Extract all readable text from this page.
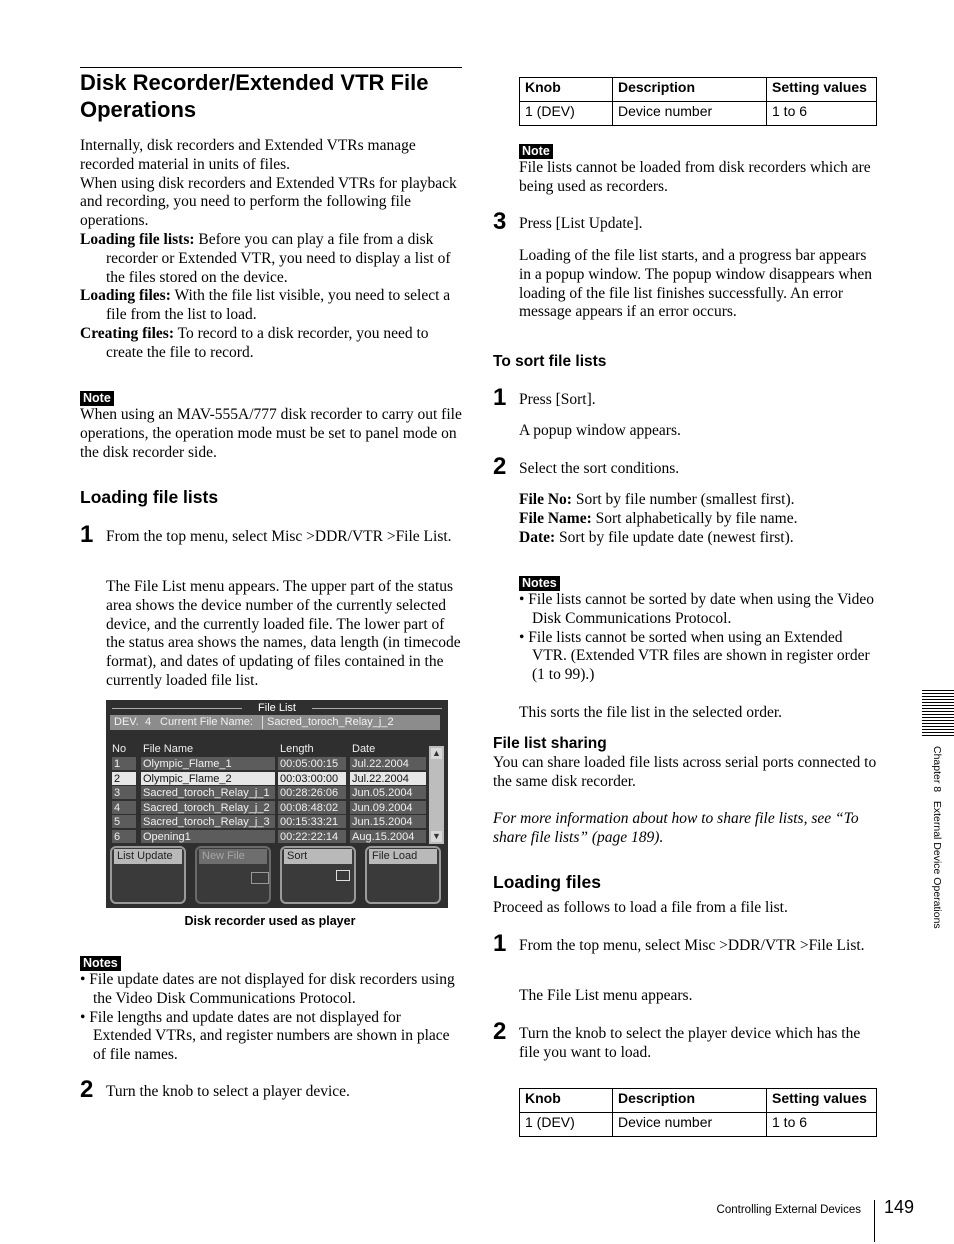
Disk Recorder/Extended VTR File
Operations

Internally, disk recorders and Extended VTRs manage recorded material in units of files.

When using disk recorders and Extended VTRs for playback and recording, you need to perform the following file operations.

Loading file lists: Before you can play a file from a disk recorder or Extended VTR, you need to display a list of the files stored on the device.

Loading files: With the file list visible, you need to select a file from the list to load.

Creating files: To record to a disk recorder, you need to create the file to record.

Note
When using an MAV-555A/777 disk recorder to carry out file operations, the operation mode must be set to panel mode on the disk recorder side.
Loading file lists
1 From the top menu, select Misc >DDR/VTR >File List.
The File List menu appears. The upper part of the status area shows the device number of the currently selected device, and the currently loaded file. The lower part of the status area shows the names, data length (in timecode format), and dates of updating of files contained in the currently loaded file list.
File List
DEV. 4 Current File Name: Sacred_toroch_Relay_j_2
No File Name	Length	Date
1	Olympic_Flame_1	00:05:00:15	Jul.22.2004
2	Olympic_Flame_2	00:03:00:00	Jul.22.2004
3	Sacred_toroch_Relay_j_1 00:28:26:06	Jun.05.2004
4	Sacred_toroch_Relay_j_2 00:08:48:02	Jun.09.2004
5	Sacred_toroch_Relay_j_3 00:15:33:21	Jun.15.2004
6	Opening1	00:22:22:14	Aug.15.2004
▲
▼
List Update	New File	Sort	File Load
Disk recorder used as player
Notes

• File update dates are not displayed for disk recorders using the Video Disk Communications Protocol.

• File lengths and update dates are not displayed for Extended VTRs, and register numbers are shown in place of file names.

2 Turn the knob to select a player device.
Knob	Description	Setting values
1 (DEV)	Device number	1 to 6
Note
File lists cannot be loaded from disk recorders which are being used as recorders.
3 Press [List Update].
Loading of the file list starts, and a progress bar appears in a popup window. The popup window disappears when loading of the file list finishes successfully. An error message appears if an error occurs.
To sort file lists
1 Press [Sort].
A popup window appears.
2 Select the sort conditions.
File No: Sort by file number (smallest first).
File Name: Sort alphabetically by file name.
Date: Sort by file update date (newest first).
Notes

• File lists cannot be sorted by date when using the Video Disk Communications Protocol.

• File lists cannot be sorted when using an Extended VTR. (Extended VTR files are shown in register order (1 to 99).)

This sorts the file list in the selected order.
File list sharing
You can share loaded file lists across serial ports connected to the same disk recorder.
For more information about how to share file lists, see “To share file lists” (page 189).
Loading files
Proceed as follows to load a file from a file list.
1 From the top menu, select Misc >DDR/VTR >File List.
The File List menu appears.
2 Turn the knob to select the player device which has the file you want to load.
Knob	Description	Setting values
1 (DEV)	Device number	1 to 6
Chapter 8   External Device Operations
Controlling External Devices 149
